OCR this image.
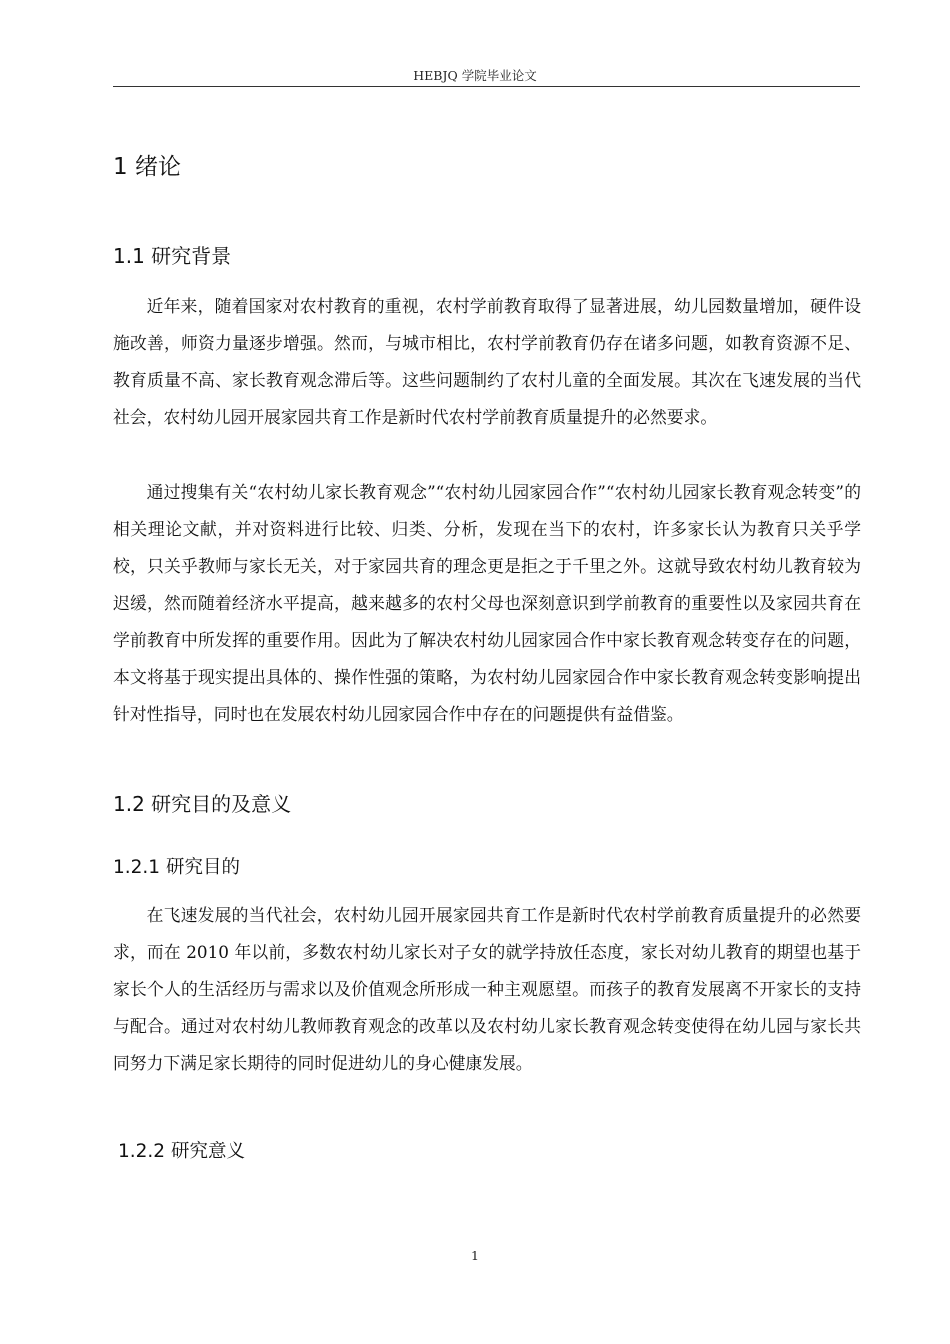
HEBJQ 学院毕业论文
1 绪论
1.1 研究背景

近年来，随着国家对农村教育的重视，农村学前教育取得了显著进展，幼儿园数量增加，硬件设施改善，师资力量逐步增强。然而，与城市相比，农村学前教育仍存在诸多问题，如教育资源不足、教育质量不高、家长教育观念滞后等。这些问题制约了农村儿童的全面发展。其次在飞速发展的当代社会，农村幼儿园开展家园共育工作是新时代农村学前教育质量提升的必然要求。

通过搜集有关“农村幼儿家长教育观念”“农村幼儿园家园合作”“农村幼儿园家长教育观念转变”的相关理论文献，并对资料进行比较、归类、分析，发现在当下的农村，许多家长认为教育只关乎学校，只关乎教师与家长无关，对于家园共育的理念更是拒之于千里之外。这就导致农村幼儿教育较为迟缓，然而随着经济水平提高，越来越多的农村父母也深刻意识到学前教育的重要性以及家园共育在学前教育中所发挥的重要作用。因此为了解决农村幼儿园家园合作中家长教育观念转变存在的问题，本文将基于现实提出具体的、操作性强的策略，为农村幼儿园家园合作中家长教育观念转变影响提出针对性指导，同时也在发展农村幼儿园家园合作中存在的问题提供有益借鉴。

1.2 研究目的及意义
1.2.1 研究目的

在飞速发展的当代社会，农村幼儿园开展家园共育工作是新时代农村学前教育质量提升的必然要求，而在 2010 年以前，多数农村幼儿家长对子女的就学持放任态度，家长对幼儿教育的期望也基于家长个人的生活经历与需求以及价值观念所形成一种主观愿望。而孩子的教育发展离不开家长的支持与配合。通过对农村幼儿教师教育观念的改革以及农村幼儿家长教育观念转变使得在幼儿园与家长共同努力下满足家长期待的同时促进幼儿的身心健康发展。

1.2.2 研究意义
1
